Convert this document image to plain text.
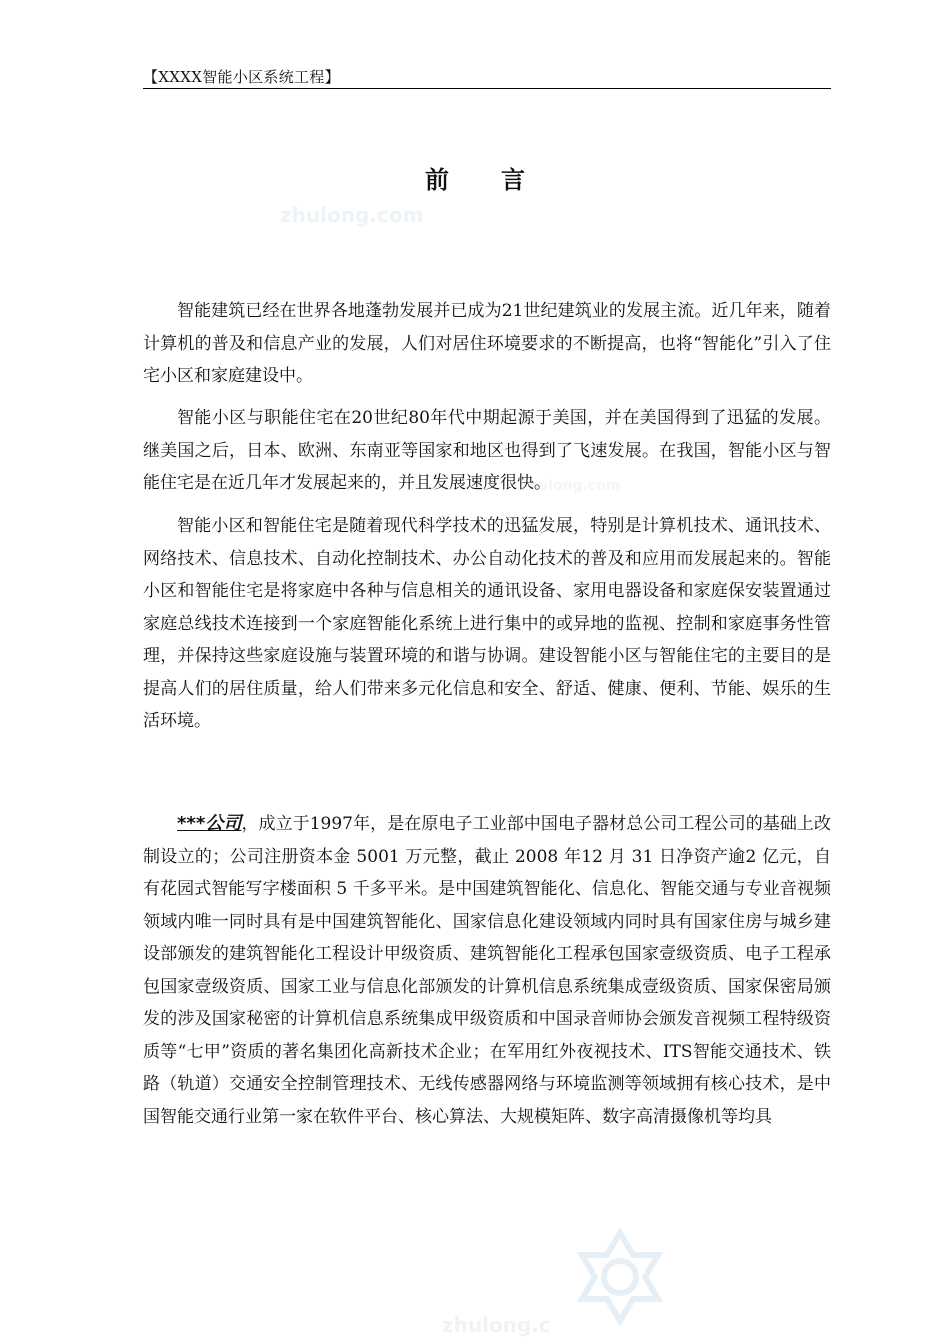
【XXXX智能小区系统工程】
前言
zhulong.com
zhulong.com
zhulong.c

智能建筑已经在世界各地蓬勃发展并已成为21世纪建筑业的发展主流。近几年来，随着计算机的普及和信息产业的发展，人们对居住环境要求的不断提高，也将“智能化”引入了住宅小区和家庭建设中。

智能小区与职能住宅在20世纪80年代中期起源于美国，并在美国得到了迅猛的发展。继美国之后，日本、欧洲、东南亚等国家和地区也得到了飞速发展。在我国，智能小区与智能住宅是在近几年才发展起来的，并且发展速度很快。

智能小区和智能住宅是随着现代科学技术的迅猛发展，特别是计算机技术、通讯技术、网络技术、信息技术、自动化控制技术、办公自动化技术的普及和应用而发展起来的。智能小区和智能住宅是将家庭中各种与信息相关的通讯设备、家用电器设备和家庭保安装置通过家庭总线技术连接到一个家庭智能化系统上进行集中的或异地的监视、控制和家庭事务性管理，并保持这些家庭设施与装置环境的和谐与协调。建设智能小区与智能住宅的主要目的是提高人们的居住质量，给人们带来多元化信息和安全、舒适、健康、便利、节能、娱乐的生活环境。

***公司，成立于1997年，是在原电子工业部中国电子器材总公司工程公司的基础上改制设立的；公司注册资本金 5001 万元整，截止 2008 年12 月 31 日净资产逾2 亿元，自有花园式智能写字楼面积 5 千多平米。是中国建筑智能化、信息化、智能交通与专业音视频领域内唯一同时具有是中国建筑智能化、国家信息化建设领域内同时具有国家住房与城乡建设部颁发的建筑智能化工程设计甲级资质、建筑智能化工程承包国家壹级资质、电子工程承包国家壹级资质、国家工业与信息化部颁发的计算机信息系统集成壹级资质、国家保密局颁发的涉及国家秘密的计算机信息系统集成甲级资质和中国录音师协会颁发音视频工程特级资质等“七甲”资质的著名集团化高新技术企业；在军用红外夜视技术、ITS智能交通技术、铁路（轨道）交通安全控制管理技术、无线传感器网络与环境监测等领域拥有核心技术，是中国智能交通行业第一家在软件平台、核心算法、大规模矩阵、数字高清摄像机等均具
